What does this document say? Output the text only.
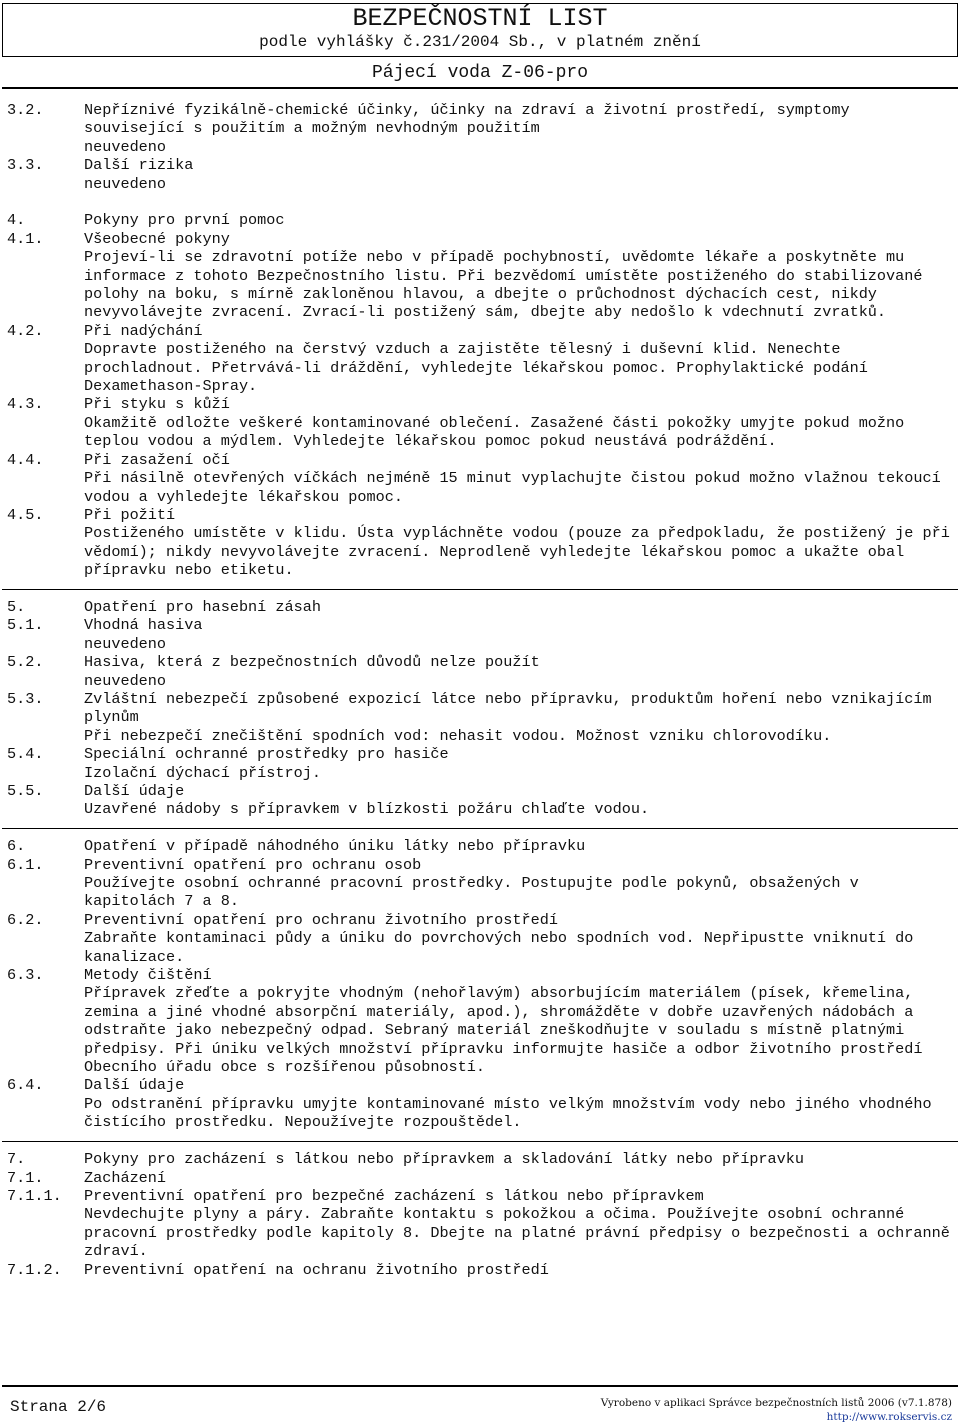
BEZPEČNOSTNÍ LIST
podle vyhlášky č.231/2004 Sb., v platném znění
Pájecí voda Z-06-pro
3.2.	Nepříznivé fyzikálně-chemické účinky, účinky na zdraví a životní prostředí, symptomy související s použitím a možným nevhodným použitím
neuvedeno
3.3.	Další rizika
neuvedeno
4.	Pokyny pro první pomoc
4.1.	Všeobecné pokyny
Projeví-li se zdravotní potíže nebo v případě pochybností, uvědomte lékaře a poskytněte mu informace z tohoto Bezpečnostního listu. Při bezvědomí umístěte postiženého do stabilizované polohy na boku, s mírně zakloněnou hlavou, a dbejte o průchodnost dýchacích cest, nikdy nevyvolávejte zvracení. Zvrací-li postižený sám, dbejte aby nedošlo k vdechnutí zvratků.
4.2.	Při nadýchání
Dopravte postiženého na čerstvý vzduch a zajistěte tělesný i duševní klid. Nenechte prochladnout. Přetrvává-li dráždění, vyhledejte lékařskou pomoc. Prophylaktické podání Dexamethason-Spray.
4.3.	Při styku s kůží
Okamžitě odložte veškeré kontaminované oblečení. Zasažené části pokožky umyjte pokud možno teplou vodou a mýdlem. Vyhledejte lékařskou pomoc pokud neustává podráždění.
4.4.	Při zasažení očí
Při násilně otevřených víčkách nejméně 15 minut vyplachujte čistou pokud možno vlažnou tekoucí vodou a vyhledejte lékařskou pomoc.
4.5.	Při požití
Postiženého umístěte v klidu. Ústa vypláchněte vodou (pouze za předpokladu, že postižený je při vědomí); nikdy nevyvolávejte zvracení. Neprodleně vyhledejte lékařskou pomoc a ukažte obal přípravku nebo etiketu.
5.	Opatření pro hasební zásah
5.1.	Vhodná hasiva
neuvedeno
5.2.	Hasiva, která z bezpečnostních důvodů nelze použít
neuvedeno
5.3.	Zvláštní nebezpečí způsobené expozicí látce nebo přípravku, produktům hoření nebo vznikajícím plynům
Při nebezpečí znečištění spodních vod: nehasit vodou. Možnost vzniku chlorovodíku.
5.4.	Speciální ochranné prostředky pro hasiče
Izolační dýchací přístroj.
5.5.	Další údaje
Uzavřené nádoby s přípravkem v blízkosti požáru chlaďte vodou.
6.	Opatření v případě náhodného úniku látky nebo přípravku
6.1.	Preventivní opatření pro ochranu osob
Používejte osobní ochranné pracovní prostředky. Postupujte podle pokynů, obsažených v kapitolách 7 a 8.
6.2.	Preventivní opatření pro ochranu životního prostředí
Zabraňte kontaminaci půdy a úniku do povrchových nebo spodních vod. Nepřipustte vniknutí do kanalizace.
6.3.	Metody čištění
Přípravek zřeďte a pokryjte vhodným (nehořlavým) absorbujícím materiálem (písek, křemelina, zemina a jiné vhodné absorpční materiály, apod.), shromážděte v dobře uzavřených nádobách a odstraňte jako nebezpečný odpad. Sebraný materiál zneškodňujte v souladu s místně platnými předpisy. Při úniku velkých množství přípravku informujte hasiče a odbor životního prostředí Obecního úřadu obce s rozšířenou působností.
6.4.	Další údaje
Po odstranění přípravku umyjte kontaminované místo velkým množstvím vody nebo jiného vhodného čistícího prostředku. Nepoužívejte rozpouštědel.
7.	Pokyny pro zacházení s látkou nebo přípravkem a skladování látky nebo přípravku
7.1.	Zacházení
7.1.1.	Preventivní opatření pro bezpečné zacházení s látkou nebo přípravkem
Nevdechujte plyny a páry. Zabraňte kontaktu s pokožkou a očima. Používejte osobní ochranné pracovní prostředky podle kapitoly 8. Dbejte na platné právní předpisy o bezpečnosti a ochranně zdraví.
7.1.2.	Preventivní opatření na ochranu životního prostředí
Strana 2/6	Vyrobeno v aplikaci Správce bezpečnostních listů 2006 (v7.1.878)
http://www.rokservis.cz
